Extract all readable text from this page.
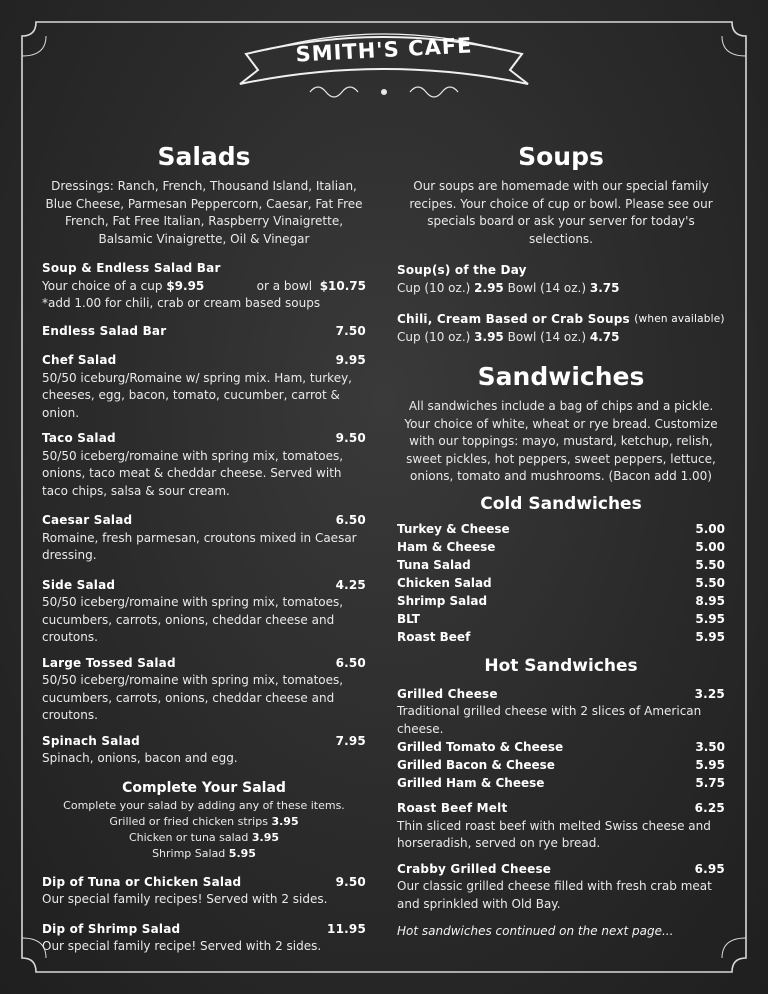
SMITH'S CAFE
Salads
Dressings: Ranch, French, Thousand Island, Italian, Blue Cheese, Parmesan Peppercorn, Caesar, Fat Free French, Fat Free Italian, Raspberry Vinaigrette, Balsamic Vinaigrette, Oil & Vinegar
Soup & Endless Salad Bar
Your choice of a cup $9.95	or a bowl $10.75
*add 1.00 for chili, crab or cream based soups
Endless Salad Bar	7.50
Chef Salad	9.95
50/50 iceburg/Romaine w/ spring mix. Ham, turkey, cheeses, egg, bacon, tomato, cucumber, carrot & onion.
Taco Salad	9.50
50/50 iceberg/romaine with spring mix, tomatoes, onions, taco meat & cheddar cheese. Served with taco chips, salsa & sour cream.
Caesar Salad	6.50
Romaine, fresh parmesan, croutons mixed in Caesar dressing.
Side Salad	4.25
50/50 iceberg/romaine with spring mix, tomatoes, cucumbers, carrots, onions, cheddar cheese and croutons.
Large Tossed Salad	6.50
50/50 iceberg/romaine with spring mix, tomatoes, cucumbers, carrots, onions, cheddar cheese and croutons.
Spinach Salad	7.95
Spinach, onions, bacon and egg.
Complete Your Salad
Complete your salad by adding any of these items.
Grilled or fried chicken strips 3.95
Chicken or tuna salad 3.95
Shrimp Salad 5.95
Dip of Tuna or Chicken Salad	9.50
Our special family recipes! Served with 2 sides.
Dip of Shrimp Salad	11.95
Our special family recipe! Served with 2 sides.
Soups
Our soups are homemade with our special family recipes. Your choice of cup or bowl. Please see our specials board or ask your server for today's selections.
Soup(s) of the Day
Cup (10 oz.) 2.95 Bowl (14 oz.) 3.75
Chili, Cream Based or Crab Soups
(when available)
Cup (10 oz.) 3.95 Bowl (14 oz.) 4.75
Sandwiches
All sandwiches include a bag of chips and a pickle. Your choice of white, wheat or rye bread. Customize with our toppings: mayo, mustard, ketchup, relish, sweet pickles, hot peppers, sweet peppers, lettuce, onions, tomato and mushrooms. (Bacon add 1.00)
Cold Sandwiches
Turkey & Cheese	5.00
Ham & Cheese	5.00
Tuna Salad	5.50
Chicken Salad	5.50
Shrimp Salad	8.95
BLT	5.95
Roast Beef	5.95
Hot Sandwiches
Grilled Cheese	3.25
Traditional grilled cheese with 2 slices of American cheese.
Grilled Tomato & Cheese	3.50
Grilled Bacon & Cheese	5.95
Grilled Ham & Cheese	5.75
Roast Beef Melt	6.25
Thin sliced roast beef with melted Swiss cheese and horseradish, served on rye bread.
Crabby Grilled Cheese	6.95
Our classic grilled cheese filled with fresh crab meat and sprinkled with Old Bay.
Hot sandwiches continued on the next page...
